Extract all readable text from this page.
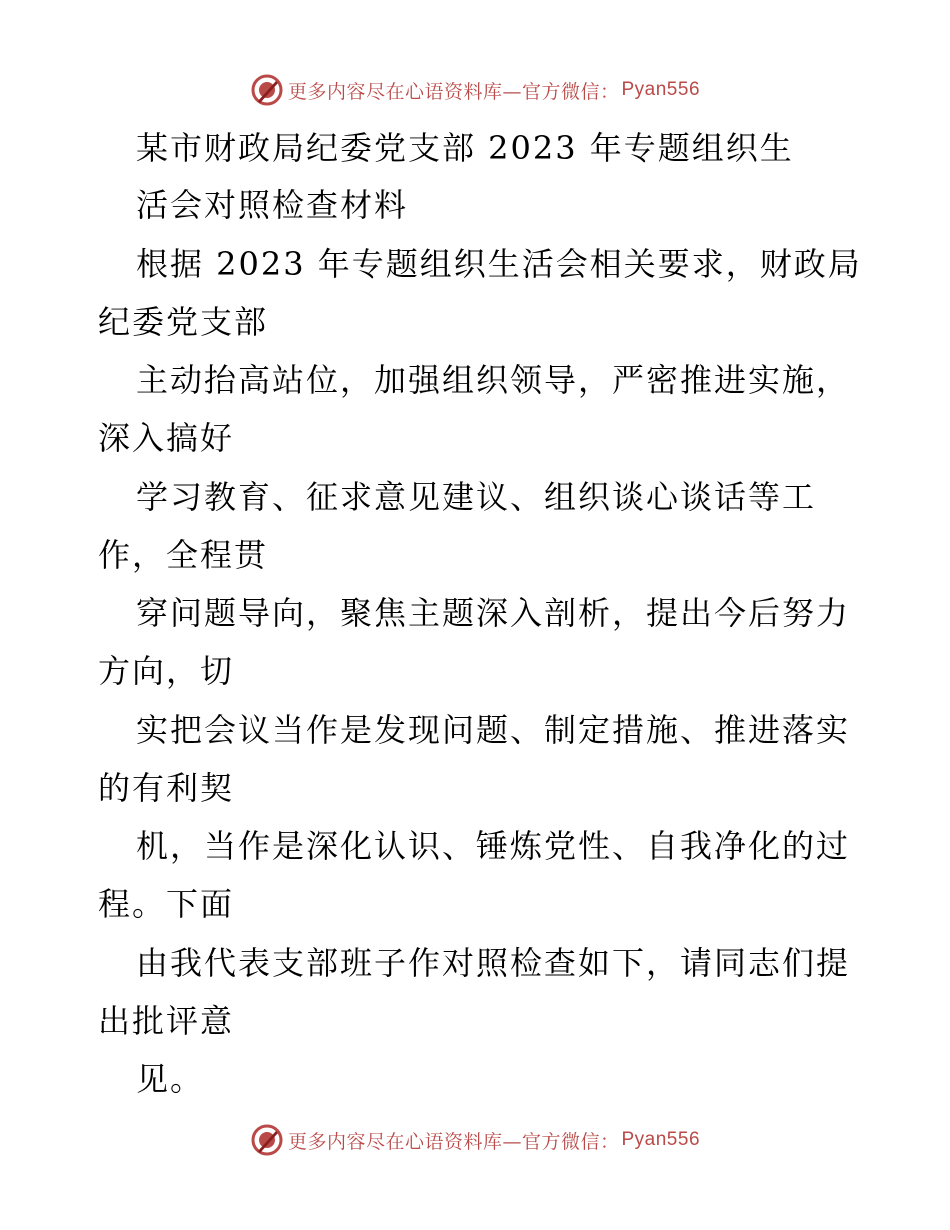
更多内容尽在心语资料库—官方微信： Pyan556
某市财政局纪委党支部 2023 年专题组织生
活会对照检查材料
根据 2023 年专题组织生活会相关要求，财政局
纪委党支部
主动抬高站位，加强组织领导，严密推进实施，
深入搞好
学习教育、征求意见建议、组织谈心谈话等工
作，全程贯
穿问题导向，聚焦主题深入剖析，提出今后努力
方向，切
实把会议当作是发现问题、制定措施、推进落实
的有利契
机，当作是深化认识、锤炼党性、自我净化的过
程。下面
由我代表支部班子作对照检查如下，请同志们提
出批评意
见。
更多内容尽在心语资料库—官方微信： Pyan556
